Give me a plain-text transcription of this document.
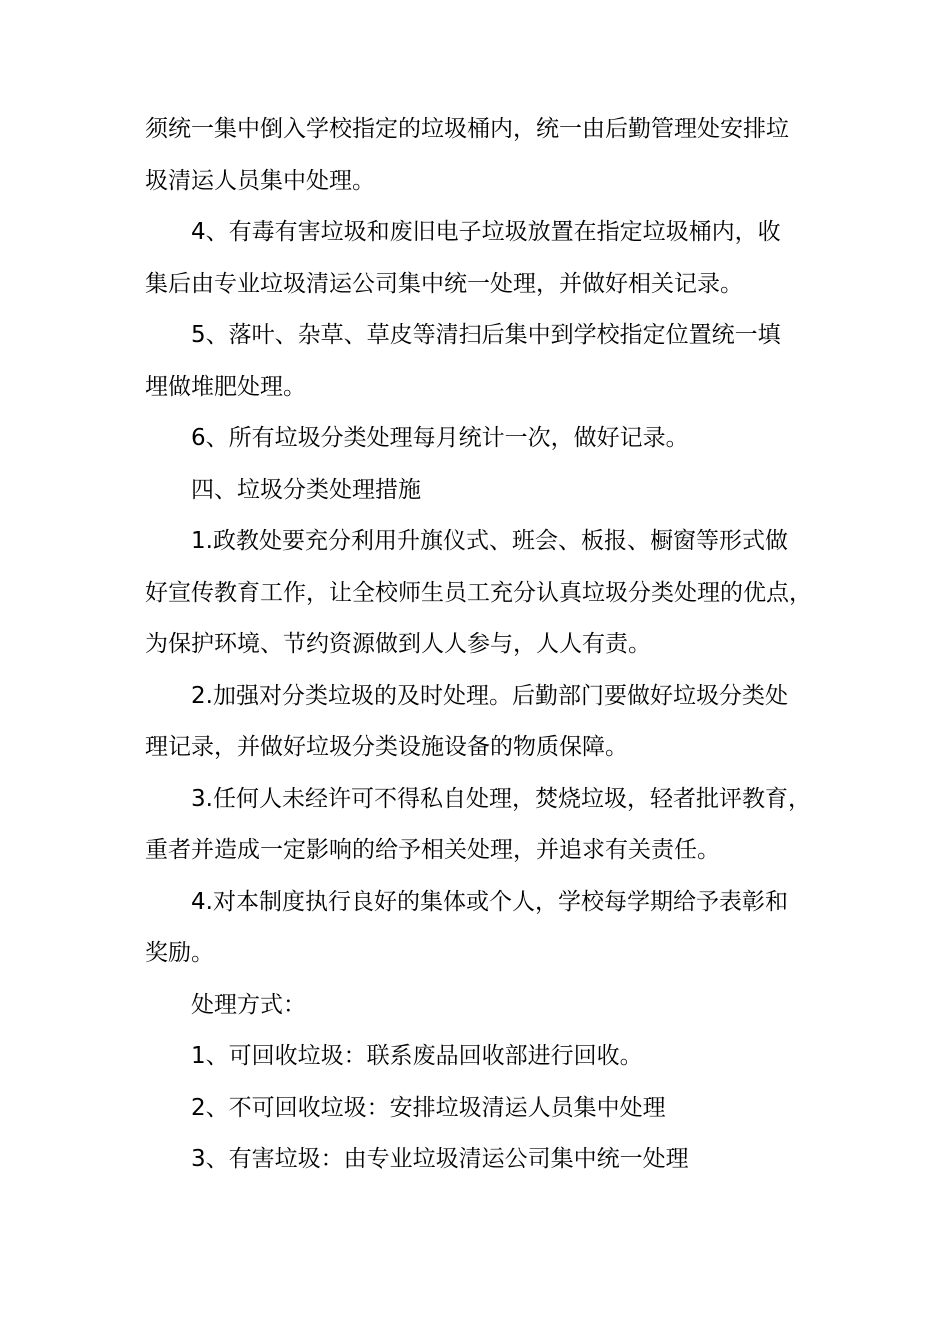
须统一集中倒入学校指定的垃圾桶内，统一由后勤管理处安排垃

圾清运人员集中处理。

4、有毒有害垃圾和废旧电子垃圾放置在指定垃圾桶内，收

集后由专业垃圾清运公司集中统一处理，并做好相关记录。

5、落叶、杂草、草皮等清扫后集中到学校指定位置统一填

埋做堆肥处理。

6、所有垃圾分类处理每月统计一次，做好记录。

四、垃圾分类处理措施

1.政教处要充分利用升旗仪式、班会、板报、橱窗等形式做

好宣传教育工作，让全校师生员工充分认真垃圾分类处理的优点，

为保护环境、节约资源做到人人参与，人人有责。

2.加强对分类垃圾的及时处理。后勤部门要做好垃圾分类处

理记录，并做好垃圾分类设施设备的物质保障。

3.任何人未经许可不得私自处理，焚烧垃圾，轻者批评教育，

重者并造成一定影响的给予相关处理，并追求有关责任。

4.对本制度执行良好的集体或个人，学校每学期给予表彰和

奖励。

处理方式：

1、可回收垃圾：联系废品回收部进行回收。

2、不可回收垃圾：安排垃圾清运人员集中处理

3、有害垃圾：由专业垃圾清运公司集中统一处理
